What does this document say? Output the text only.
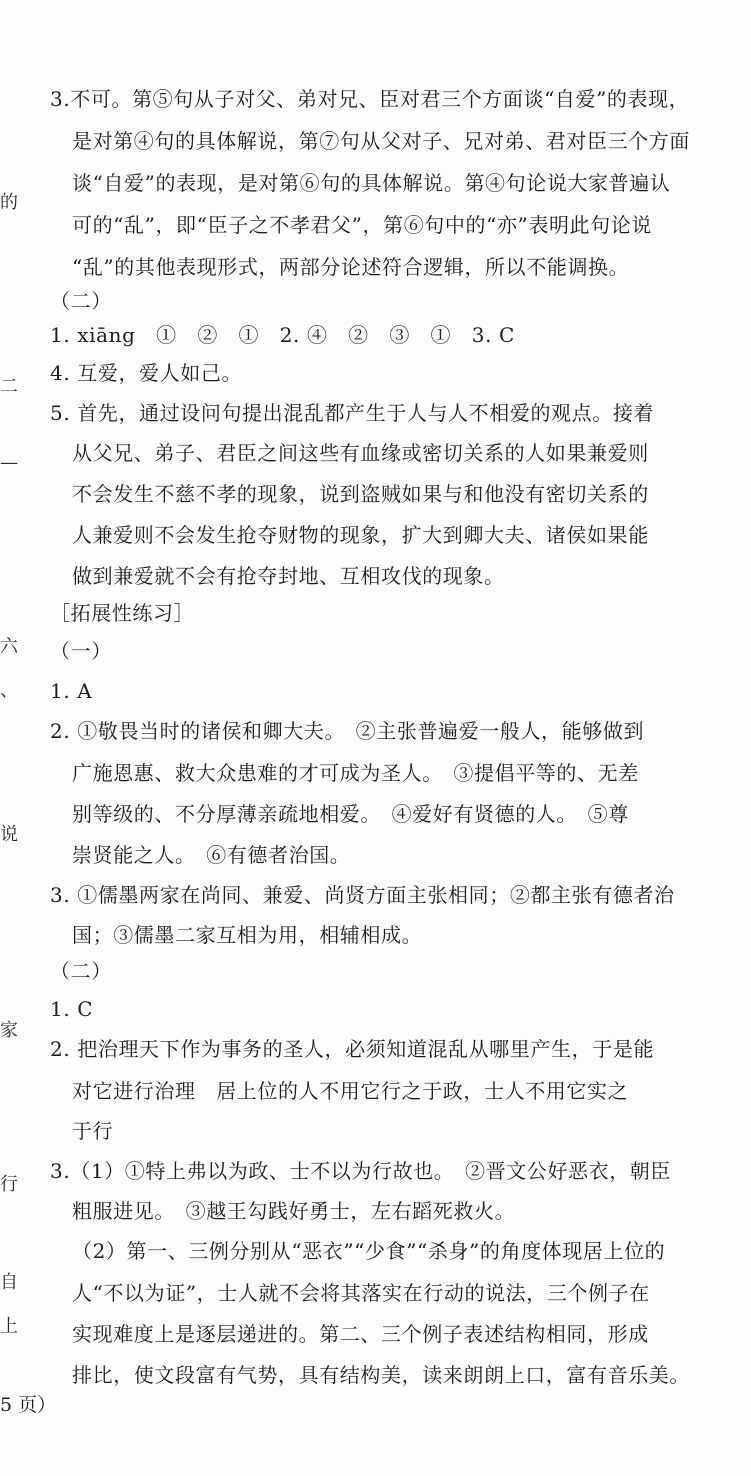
的
二
—
六
、
说
家
行
自
上
3.不可。第⑤句从子对父、弟对兄、臣对君三个方面谈“自爱”的表现，
是对第④句的具体解说，第⑦句从父对子、兄对弟、君对臣三个方面
谈“自爱”的表现，是对第⑥句的具体解说。第④句论说大家普遍认
可的“乱”，即“臣子之不孝君父”，第⑥句中的“亦”表明此句论说
“乱”的其他表现形式，两部分论述符合逻辑，所以不能调换。
（二）
1. xiāng　①　②　①　2. ④　②　③　①　3. C
4. 互爱，爱人如己。
5. 首先，通过设问句提出混乱都产生于人与人不相爱的观点。接着
从父兄、弟子、君臣之间这些有血缘或密切关系的人如果兼爱则
不会发生不慈不孝的现象，说到盗贼如果与和他没有密切关系的
人兼爱则不会发生抢夺财物的现象，扩大到卿大夫、诸侯如果能
做到兼爱就不会有抢夺封地、互相攻伐的现象。
［拓展性练习］
（一）
1. A
2. ①敬畏当时的诸侯和卿大夫。　②主张普遍爱一般人，能够做到
广施恩惠、救大众患难的才可成为圣人。　③提倡平等的、无差
别等级的、不分厚薄亲疏地相爱。　④爱好有贤德的人。　⑤尊
崇贤能之人。　⑥有德者治国。
3. ①儒墨两家在尚同、兼爱、尚贤方面主张相同；②都主张有德者治
国；③儒墨二家互相为用，相辅相成。
（二）
1. C
2. 把治理天下作为事务的圣人，必须知道混乱从哪里产生，于是能
对它进行治理　居上位的人不用它行之于政，士人不用它实之
于行
3.（1）①特上弗以为政、士不以为行故也。　②晋文公好恶衣，朝臣
粗服进见。　③越王勾践好勇士，左右蹈死救火。
（2）第一、三例分别从“恶衣”“少食”“杀身”的角度体现居上位的
人“不以为证”，士人就不会将其落实在行动的说法，三个例子在
实现难度上是逐层递进的。第二、三个例子表述结构相同，形成
排比，使文段富有气势，具有结构美，读来朗朗上口，富有音乐美。
5 页）
